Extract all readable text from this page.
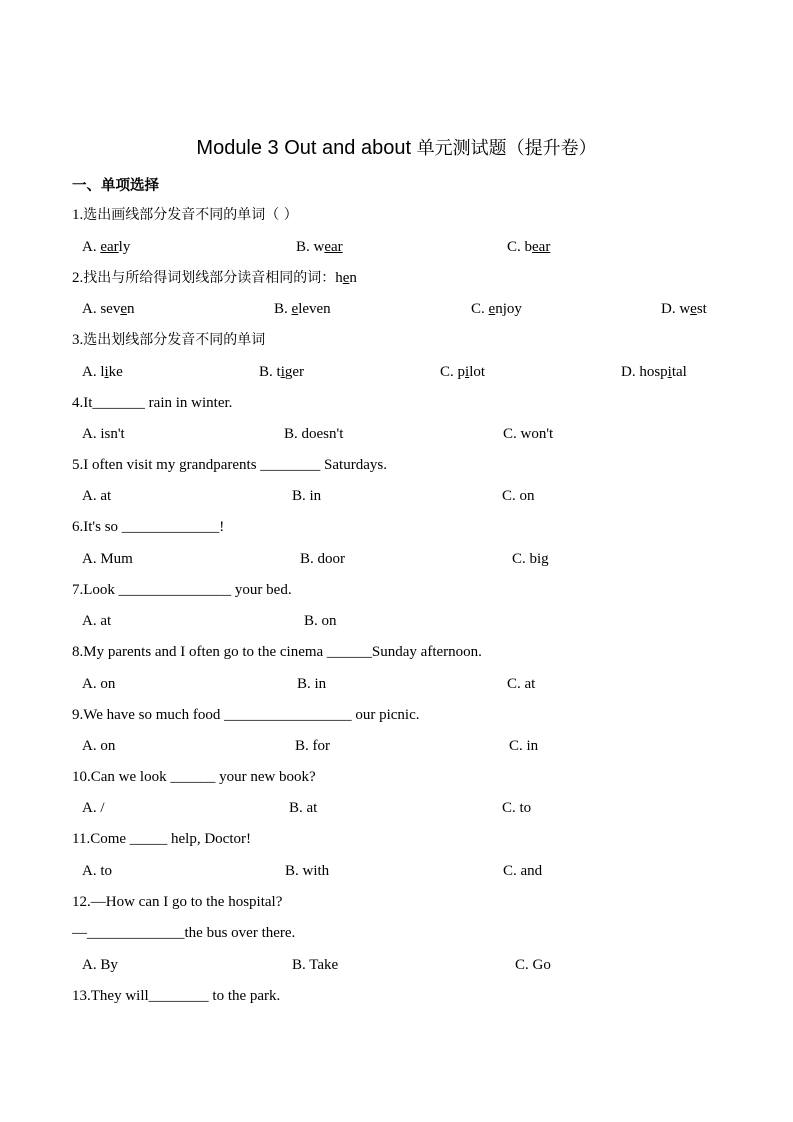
Module 3 Out and about 单元测试题（提升卷）
一、单项选择
1.选出画线部分发音不同的单词（ ）
A. early	B. wear	C. bear
2.找出与所给得词划线部分读音相同的词：hen
A. seven	B. eleven	C. enjoy	D. west
3.选出划线部分发音不同的单词
A. like	B. tiger	C. pilot	D. hospital
4.It_______ rain in winter.
A. isn't	B. doesn't	C. won't
5.I often visit my grandparents ________ Saturdays.
A. at	B. in	C. on
6.It's so _____________!
A. Mum	B. door	C. big
7.Look _______________ your bed.
A. at	B. on
8.My parents and I often go to the cinema ______Sunday afternoon.
A. on	B. in	C. at
9.We have so much food _________________ our picnic.
A. on	B. for	C. in
10.Can we look ______ your new book?
A. /	B. at	C. to
11.Come _____ help, Doctor!
A. to	B. with	C. and
12.—How can I go to the hospital?
—_____________the bus over there.
A. By	B. Take	C. Go
13.They will________ to the park.
